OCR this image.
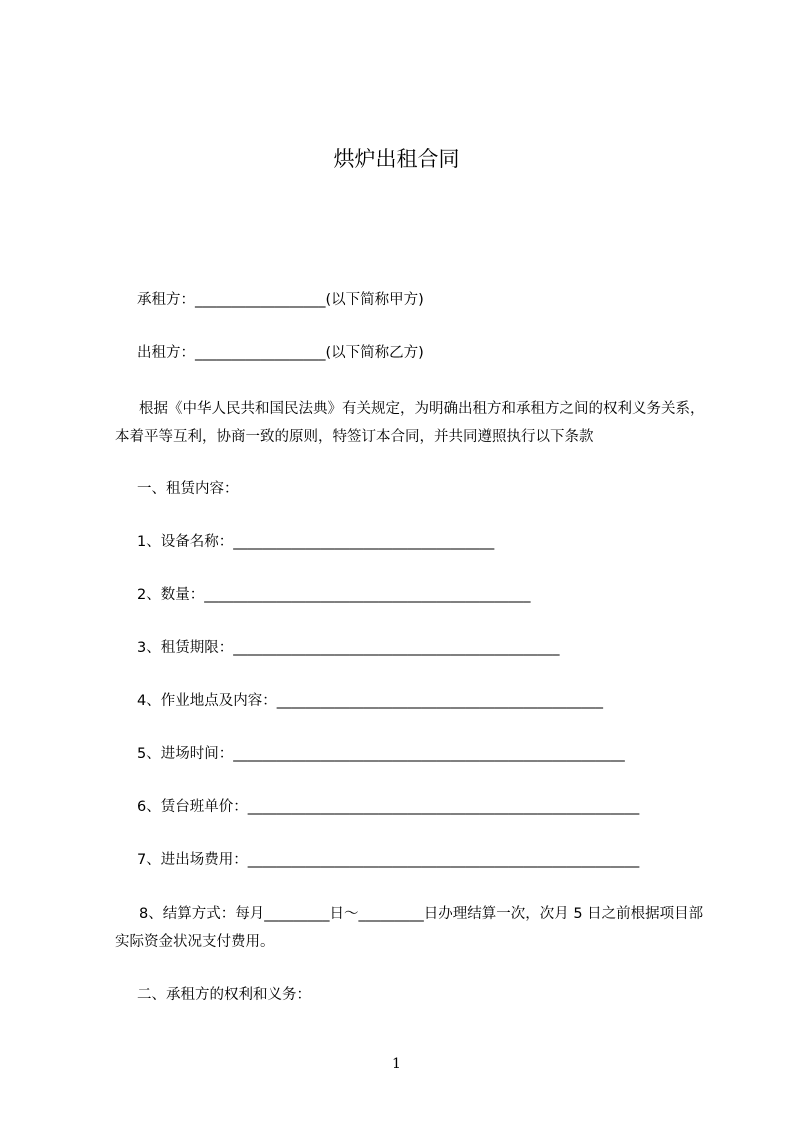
烘炉出租合同
承租方：__________________(以下简称甲方)
出租方：__________________(以下简称乙方)
根据《中华人民共和国民法典》有关规定，为明确出租方和承租方之间的权利义务关系，本着平等互利，协商一致的原则，特签订本合同，并共同遵照执行以下条款
一、租赁内容：
1、设备名称：____________________________________
2、数量：_____________________________________________
3、租赁期限：_____________________________________________
4、作业地点及内容：_____________________________________________
5、进场时间：______________________________________________________
6、赁台班单价：______________________________________________________
7、进出场费用：______________________________________________________
8、结算方式：每月_________日～_________日办理结算一次，次月 5 日之前根据项目部实际资金状况支付费用。
二、承租方的权利和义务：
1
